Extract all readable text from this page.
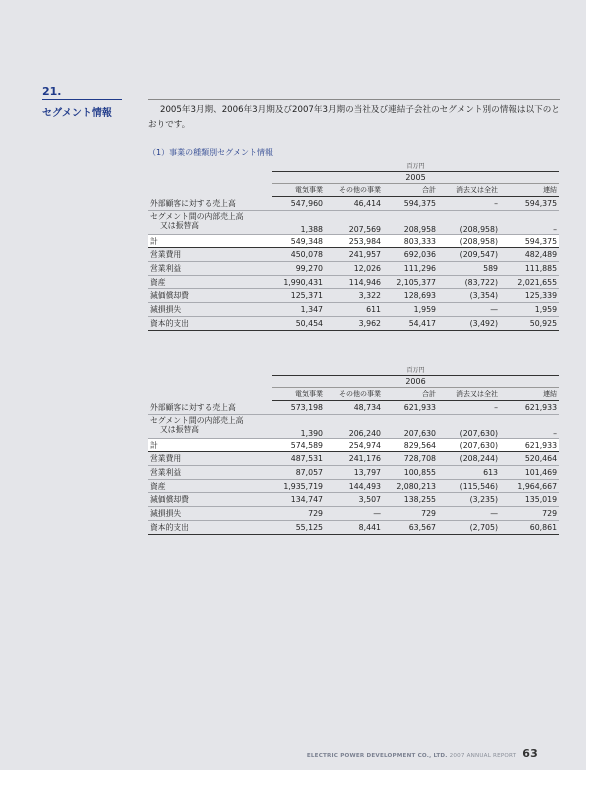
21.
セグメント情報	2005年3月期、2006年3月期及び2007年3月期の当社及び連結子会社のセグメント別の情報は以下のとおりです。
（1）事業の種類別セグメント情報
	百万円				
	2005				
	電気事業	その他の事業	合計	消去又は全社	連結
外部顧客に対する売上高	547,960	46,414	594,375	–	594,375
セグメント間の内部売上高
又は振替高	1,388	207,569	208,958	(208,958)	–
計	549,348	253,984	803,333	(208,958)	594,375
営業費用	450,078	241,957	692,036	(209,547)	482,489
営業利益	99,270	12,026	111,296	589	111,885
資産	1,990,431	114,946	2,105,377	(83,722)	2,021,655
減価償却費	125,371	3,322	128,693	(3,354)	125,339
減損損失	1,347	611	1,959	—	1,959
資本的支出	50,454	3,962	54,417	(3,492)	50,925
	百万円				
	2006				
	電気事業	その他の事業	合計	消去又は全社	連結
外部顧客に対する売上高	573,198	48,734	621,933	–	621,933
セグメント間の内部売上高
又は振替高	1,390	206,240	207,630	(207,630)	–
計	574,589	254,974	829,564	(207,630)	621,933
営業費用	487,531	241,176	728,708	(208,244)	520,464
営業利益	87,057	13,797	100,855	613	101,469
資産	1,935,719	144,493	2,080,213	(115,546)	1,964,667
減価償却費	134,747	3,507	138,255	(3,235)	135,019
減損損失	729	—	729	—	729
資本的支出	55,125	8,441	63,567	(2,705)	60,861
ELECTRIC POWER DEVELOPMENT CO., LTD. 2007 ANNUAL REPORT 63
